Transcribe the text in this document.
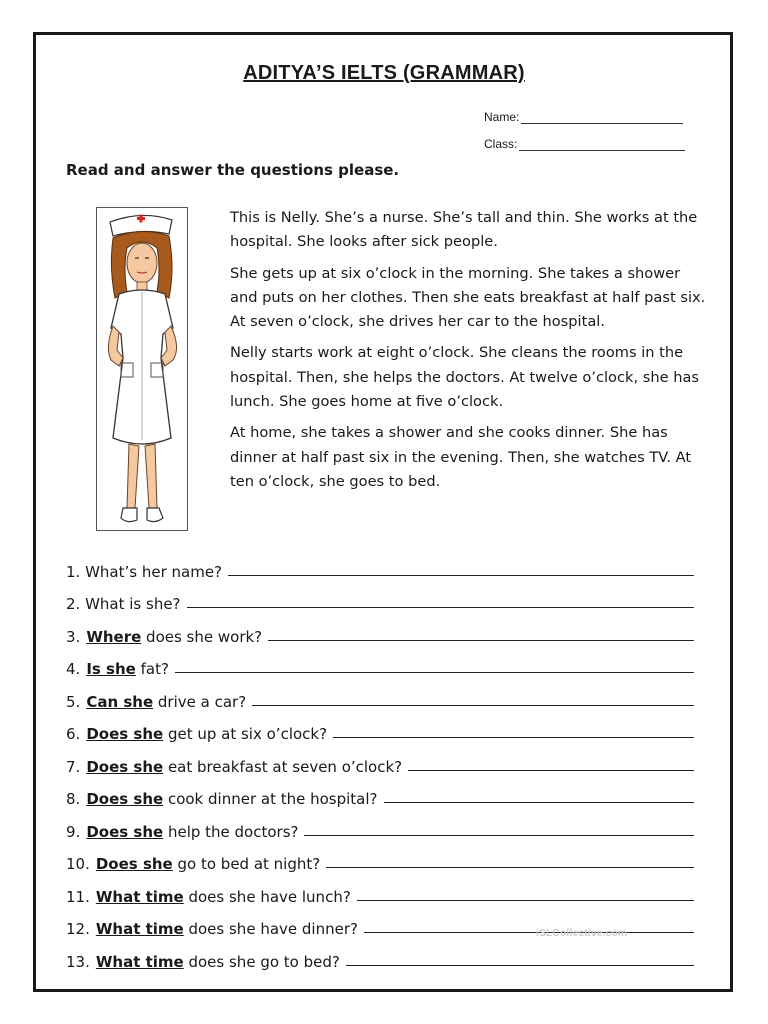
ADITYA’S IELTS (GRAMMAR)
Name:
Class:
Read and answer the questions please.

This is Nelly. She’s a nurse. She’s tall and thin. She works at the hospital. She looks after sick people.

She gets up at six o’clock in the morning. She takes a shower and puts on her clothes. Then she eats breakfast at half past six. At seven o’clock, she drives her car to the hospital.

Nelly starts work at eight o’clock. She cleans the rooms in the hospital. Then, she helps the doctors. At twelve o’clock, she has lunch. She goes home at five o’clock.

At home, she takes a shower and she cooks dinner. She has dinner at half past six in the evening. Then, she watches TV. At ten o’clock, she goes to bed.

1. What’s her name?
2. What is she?
3. Where does she work?
4. Is she fat?
5. Can she drive a car?
6. Does she get up at six o’clock?
7. Does she eat breakfast at seven o’clock?
8. Does she cook dinner at the hospital?
9. Does she help the doctors?
10. Does she go to bed at night?
11. What time does she have lunch?
12. What time does she have dinner?
13. What time does she go to bed?
iSLCollective.com
